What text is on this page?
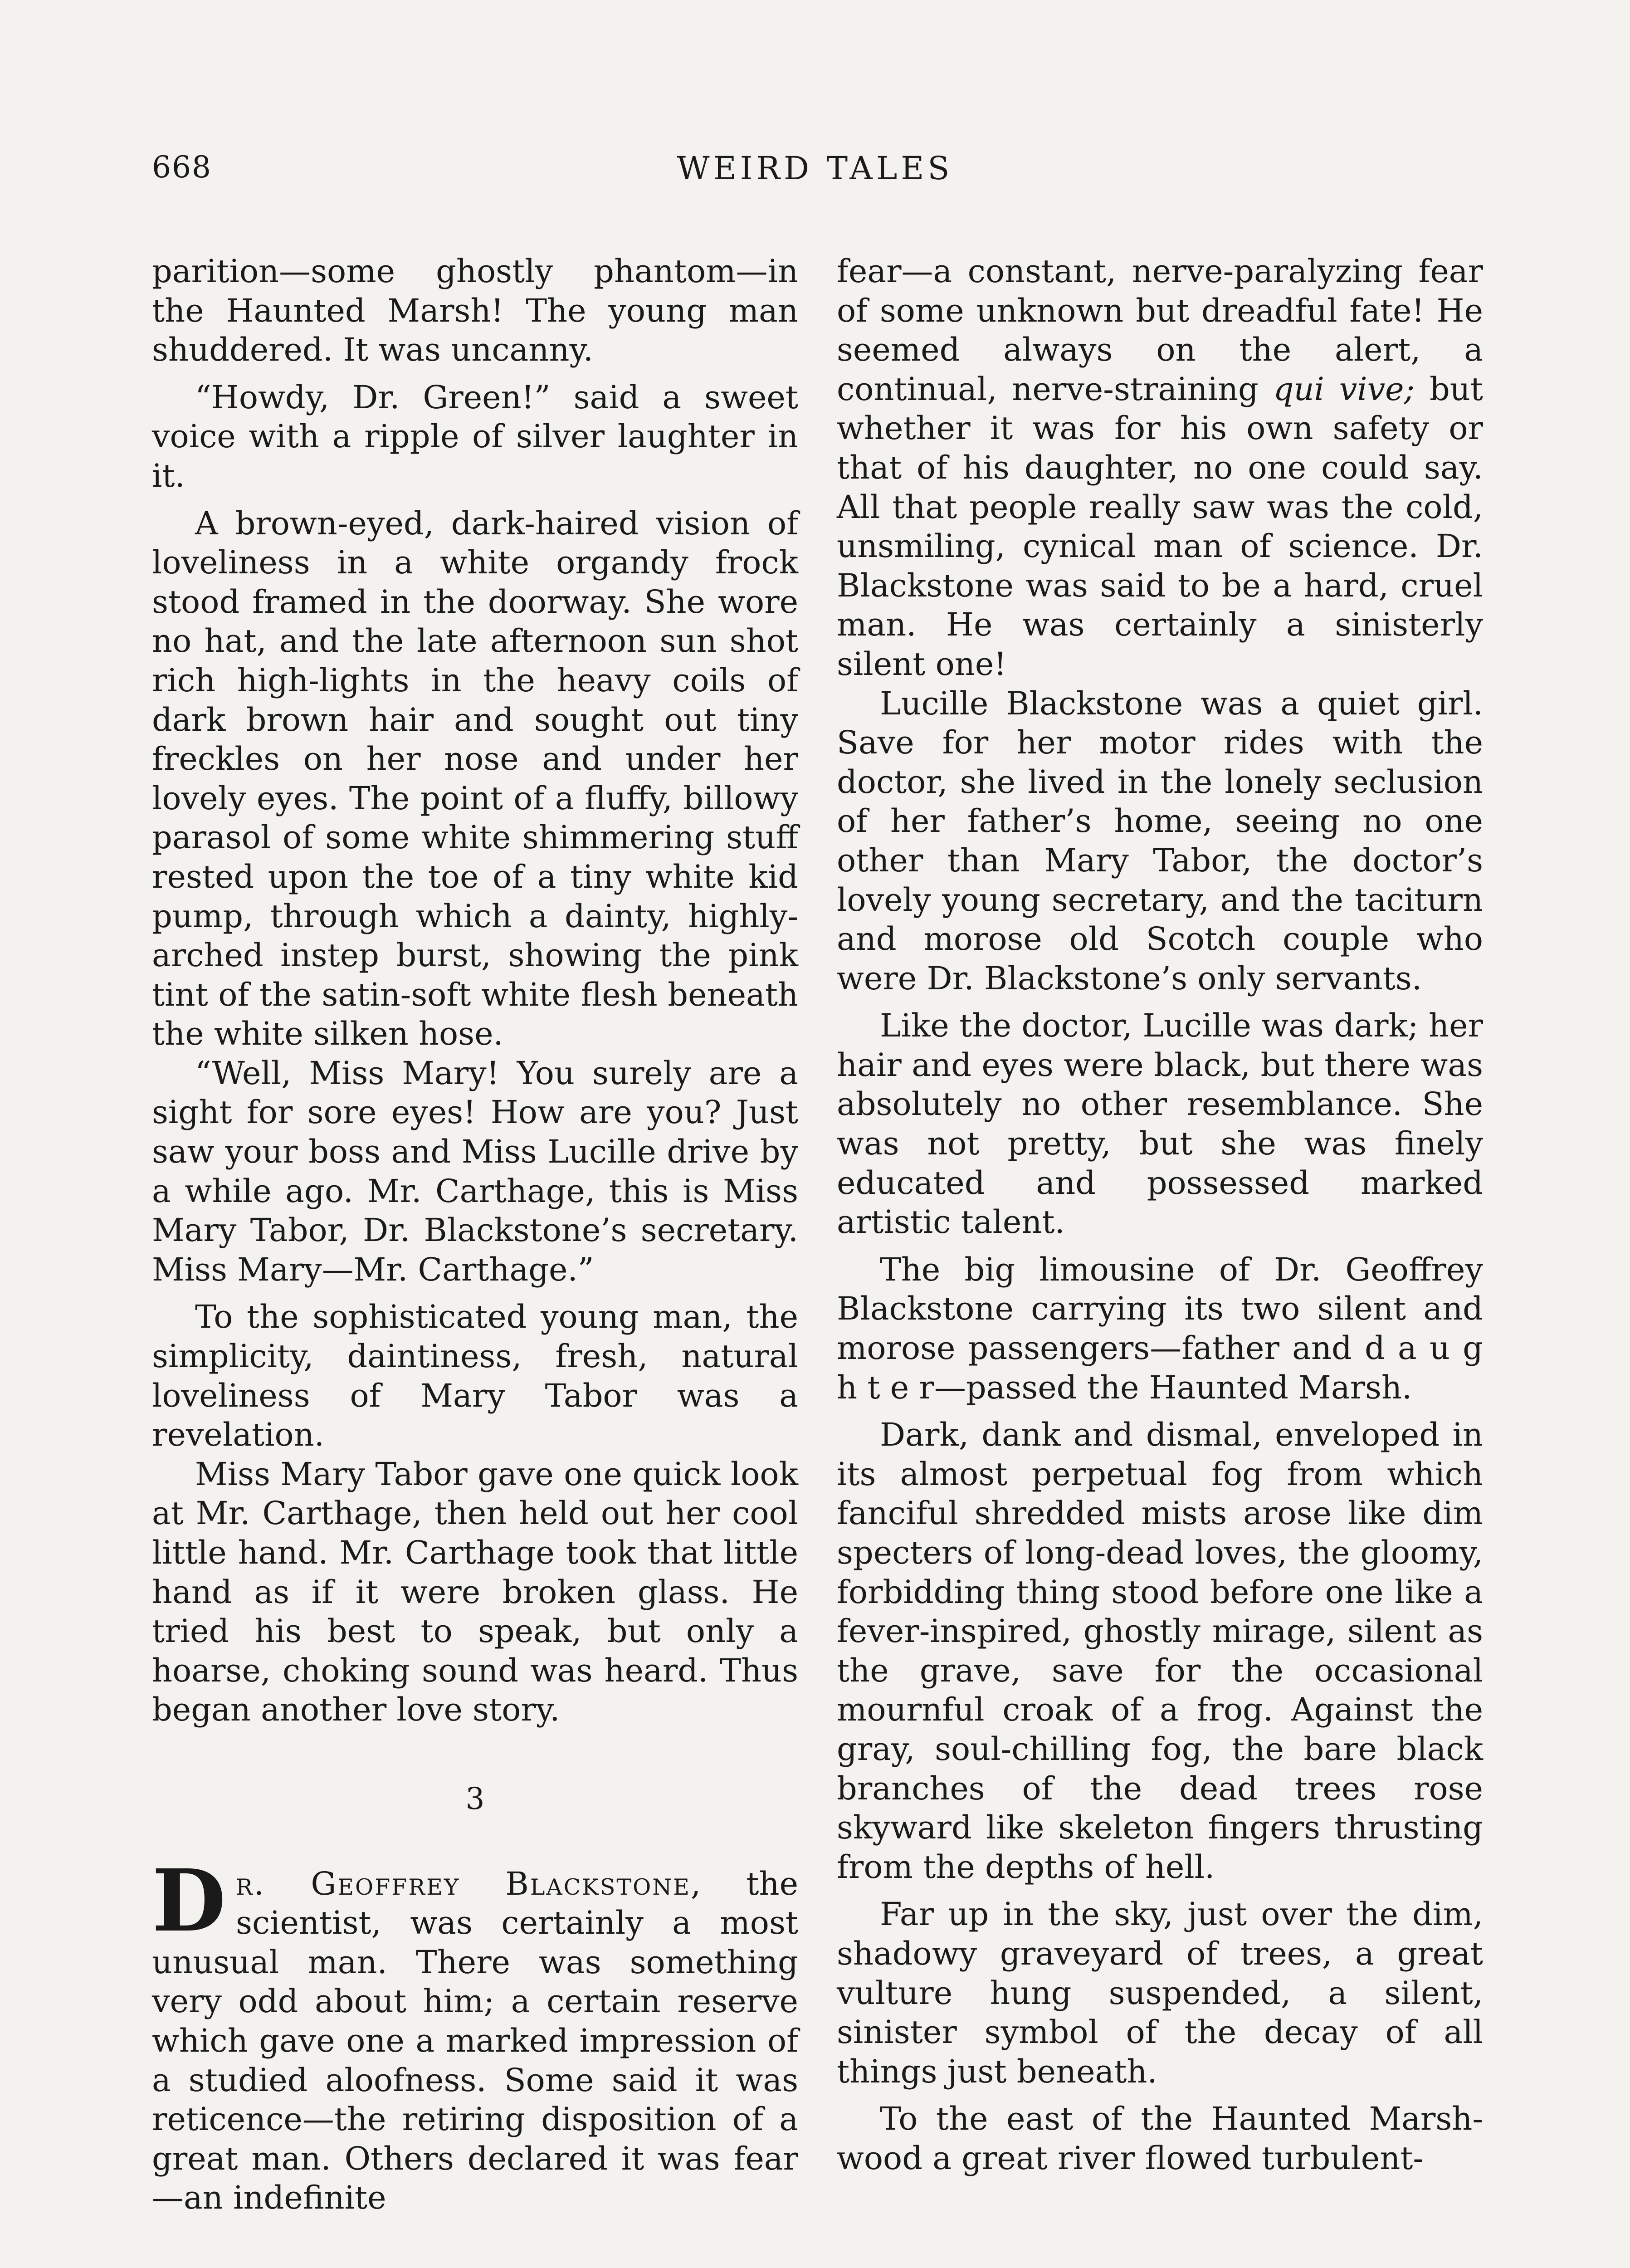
668	WEIRD TALES

parition—some ghostly phantom—in the Haunted Marsh! The young man shuddered. It was uncanny.

“Howdy, Dr. Green!” said a sweet voice with a ripple of silver laughter in it.

A brown-eyed, dark-haired vision of loveliness in a white organdy frock stood framed in the doorway. She wore no hat, and the late afternoon sun shot rich high-lights in the heavy coils of dark brown hair and sought out tiny freckles on her nose and under her lovely eyes. The point of a fluffy, billowy parasol of some white shimmering stuff rested upon the toe of a tiny white kid pump, through which a dainty, highly-arched instep burst, showing the pink tint of the satin-soft white flesh beneath the white silken hose.

“Well, Miss Mary! You surely are a sight for sore eyes! How are you? Just saw your boss and Miss Lucille drive by a while ago. Mr. Carthage, this is Miss Mary Tabor, Dr. Blackstone’s secretary. Miss Mary—Mr. Carthage.”

To the sophisticated young man, the simplicity, daintiness, fresh, natural loveliness of Mary Tabor was a revelation.

Miss Mary Tabor gave one quick look at Mr. Carthage, then held out her cool little hand. Mr. Carthage took that little hand as if it were broken glass. He tried his best to speak, but only a hoarse, choking sound was heard. Thus began another love story.

3

Dr. Geoffrey Blackstone, the scientist, was certainly a most unusual man. There was something very odd about him; a certain reserve which gave one a marked impression of a studied aloofness. Some said it was reticence—the retiring disposition of a great man. Others declared it was fear—an indefinite

fear—a constant, nerve-paralyzing fear of some unknown but dreadful fate! He seemed always on the alert, a continual, nerve-straining qui vive; but whether it was for his own safety or that of his daughter, no one could say. All that people really saw was the cold, unsmiling, cynical man of science. Dr. Blackstone was said to be a hard, cruel man. He was certainly a sinisterly silent one!

Lucille Blackstone was a quiet girl. Save for her motor rides with the doctor, she lived in the lonely seclusion of her father’s home, seeing no one other than Mary Tabor, the doctor’s lovely young secretary, and the taciturn and morose old Scotch couple who were Dr. Blackstone’s only servants.

Like the doctor, Lucille was dark; her hair and eyes were black, but there was absolutely no other resemblance. She was not pretty, but she was finely educated and possessed marked artistic talent.

The big limousine of Dr. Geoffrey Blackstone carrying its two silent and morose passengers—father and d a u g h t e r—passed the Haunted Marsh.

Dark, dank and dismal, enveloped in its almost perpetual fog from which fanciful shredded mists arose like dim specters of long-dead loves, the gloomy, forbidding thing stood before one like a fever-inspired, ghostly mirage, silent as the grave, save for the occasional mournful croak of a frog. Against the gray, soul-chilling fog, the bare black branches of the dead trees rose skyward like skeleton fingers thrusting from the depths of hell.

Far up in the sky, just over the dim, shadowy graveyard of trees, a great vulture hung suspended, a silent, sinister symbol of the decay of all things just beneath.

To the east of the Haunted Marshwood a great river flowed turbulent-
